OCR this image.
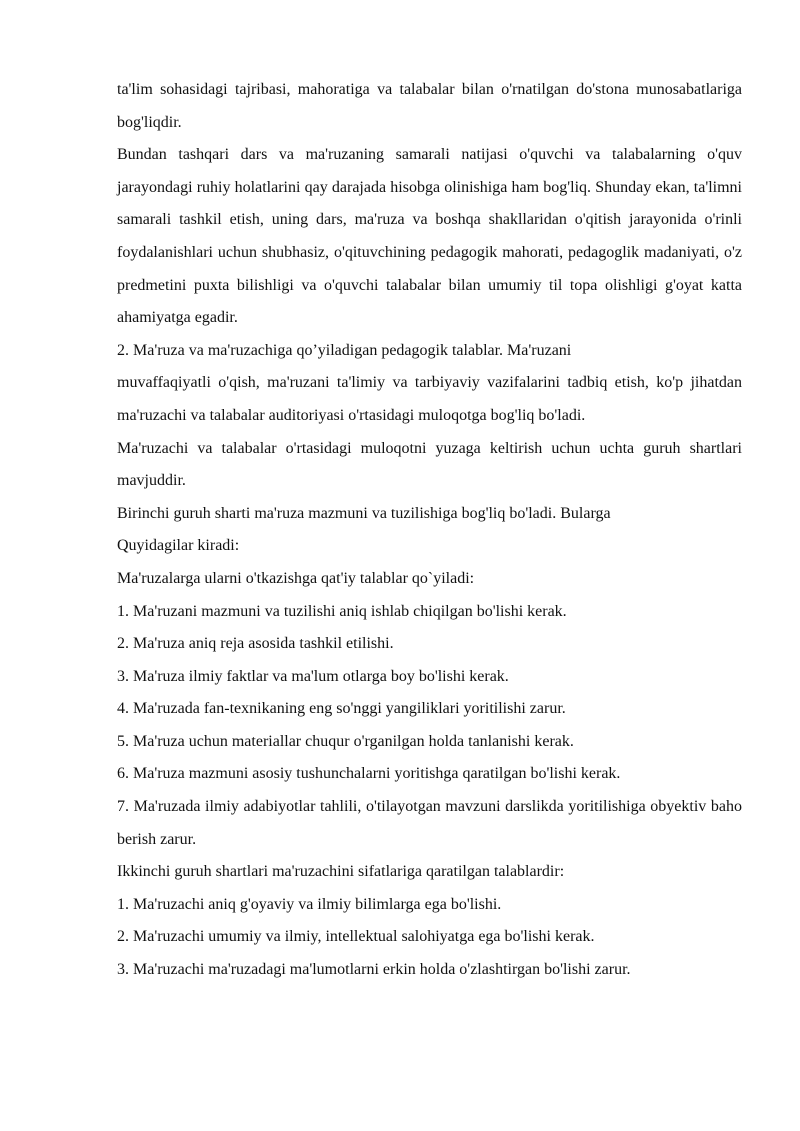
ta'lim sohasidagi tajribasi, mahoratiga va talabalar bilan o'rnatilgan do'stona munosabatlariga bog'liqdir.

Bundan tashqari dars va ma'ruzaning samarali natijasi o'quvchi va talabalarning o'quv jarayondagi ruhiy holatlarini qay darajada hisobga olinishiga ham bog'liq. Shunday ekan, ta'limni samarali tashkil etish, uning dars, ma'ruza va boshqa shakllaridan o'qitish jarayonida o'rinli foydalanishlari uchun shubhasiz, o'qituvchining pedagogik mahorati, pedagoglik madaniyati, o'z predmetini puxta bilishligi va o'quvchi talabalar bilan umumiy til topa olishligi g'oyat katta ahamiyatga egadir.

2. Ma'ruza va ma'ruzachiga qo’yiladigan pedagogik talablar. Ma'ruzani

muvaffaqiyatli o'qish, ma'ruzani ta'limiy va tarbiyaviy vazifalarini tadbiq etish, ko'p jihatdan ma'ruzachi va talabalar auditoriyasi o'rtasidagi muloqotga bog'liq bo'ladi.

Ma'ruzachi va talabalar o'rtasidagi muloqotni yuzaga keltirish uchun uchta guruh shartlari mavjuddir.

Birinchi guruh sharti ma'ruza mazmuni va tuzilishiga bog'liq bo'ladi. Bularga

Quyidagilar kiradi:

Ma'ruzalarga ularni o'tkazishga qat'iy talablar qo`yiladi:

1. Ma'ruzani mazmuni va tuzilishi aniq ishlab chiqilgan bo'lishi kerak.

2. Ma'ruza aniq reja asosida tashkil etilishi.

3. Ma'ruza ilmiy faktlar va ma'lum otlarga boy bo'lishi kerak.

4. Ma'ruzada fan-texnikaning eng so'nggi yangiliklari yoritilishi zarur.

5. Ma'ruza uchun materiallar chuqur o'rganilgan holda tanlanishi kerak.

6. Ma'ruza mazmuni asosiy tushunchalarni yoritishga qaratilgan bo'lishi kerak.

7. Ma'ruzada ilmiy adabiyotlar tahlili, o'tilayotgan mavzuni darslikda yoritilishiga obyektiv baho berish zarur.

Ikkinchi guruh shartlari ma'ruzachini sifatlariga qaratilgan talablardir:

1. Ma'ruzachi aniq g'oyaviy va ilmiy bilimlarga ega bo'lishi.

2. Ma'ruzachi umumiy va ilmiy, intellektual salohiyatga ega bo'lishi kerak.

3. Ma'ruzachi ma'ruzadagi ma'lumotlarni erkin holda o'zlashtirgan bo'lishi zarur.
